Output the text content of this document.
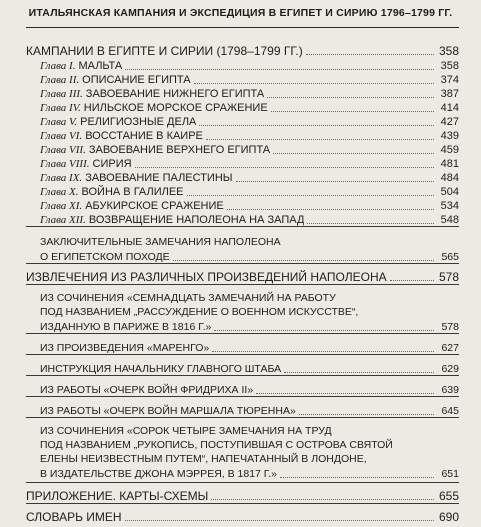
ИТАЛЬЯНСКАЯ КАМПАНИЯ И ЭКСПЕДИЦИЯ В ЕГИПЕТ И СИРИЮ 1796–1799 ГГ.
КАМПАНИИ В ЕГИПТЕ И СИРИИ (1798–1799 ГГ.)	358
Глава I. МАЛЬТА	358
Глава II. ОПИСАНИЕ ЕГИПТА	374
Глава III. ЗАВОЕВАНИЕ НИЖНЕГО ЕГИПТА	387
Глава IV. НИЛЬСКОЕ МОРСКОЕ СРАЖЕНИЕ	414
Глава V. РЕЛИГИОЗНЫЕ ДЕЛА	427
Глава VI. ВОССТАНИЕ В КАИРЕ	439
Глава VII. ЗАВОЕВАНИЕ ВЕРХНЕГО ЕГИПТА	459
Глава VIII. СИРИЯ	481
Глава IX. ЗАВОЕВАНИЕ ПАЛЕСТИНЫ	484
Глава X. ВОЙНА В ГАЛИЛЕЕ	504
Глава XI. АБУКИРСКОЕ СРАЖЕНИЕ	534
Глава XII. ВОЗВРАЩЕНИЕ НАПОЛЕОНА НА ЗАПАД	548
ЗАКЛЮЧИТЕЛЬНЫЕ ЗАМЕЧАНИЯ НАПОЛЕОНА
О ЕГИПЕТСКОМ ПОХОДЕ	565
ИЗВЛЕЧЕНИЯ ИЗ РАЗЛИЧНЫХ ПРОИЗВЕДЕНИЙ НАПОЛЕОНА	578
ИЗ СОЧИНЕНИЯ «СЕМНАДЦАТЬ ЗАМЕЧАНИЙ НА РАБОТУ
ПОД НАЗВАНИЕМ „РАССУЖДЕНИЕ О ВОЕННОМ ИСКУССТВЕ“,
ИЗДАННУЮ В ПАРИЖЕ В 1816 Г.»	578
ИЗ ПРОИЗВЕДЕНИЯ «МАРЕНГО»	627
ИНСТРУКЦИЯ НАЧАЛЬНИКУ ГЛАВНОГО ШТАБА	629
ИЗ РАБОТЫ «ОЧЕРК ВОЙН ФРИДРИХА II»	639
ИЗ РАБОТЫ «ОЧЕРК ВОЙН МАРШАЛА ТЮРЕННА»	645
ИЗ СОЧИНЕНИЯ «СОРОК ЧЕТЫРЕ ЗАМЕЧАНИЯ НА ТРУД
ПОД НАЗВАНИЕМ „РУКОПИСЬ, ПОСТУПИВШАЯ С ОСТРОВА СВЯТОЙ
ЕЛЕНЫ НЕИЗВЕСТНЫМ ПУТЕМ“, НАПЕЧАТАННЫЙ В ЛОНДОНЕ,
В ИЗДАТЕЛЬСТВЕ ДЖОНА МЭРРЕЯ, В 1817 Г.»	651
ПРИЛОЖЕНИЕ. КАРТЫ-СХЕМЫ	655
СЛОВАРЬ ИМЕН	690
